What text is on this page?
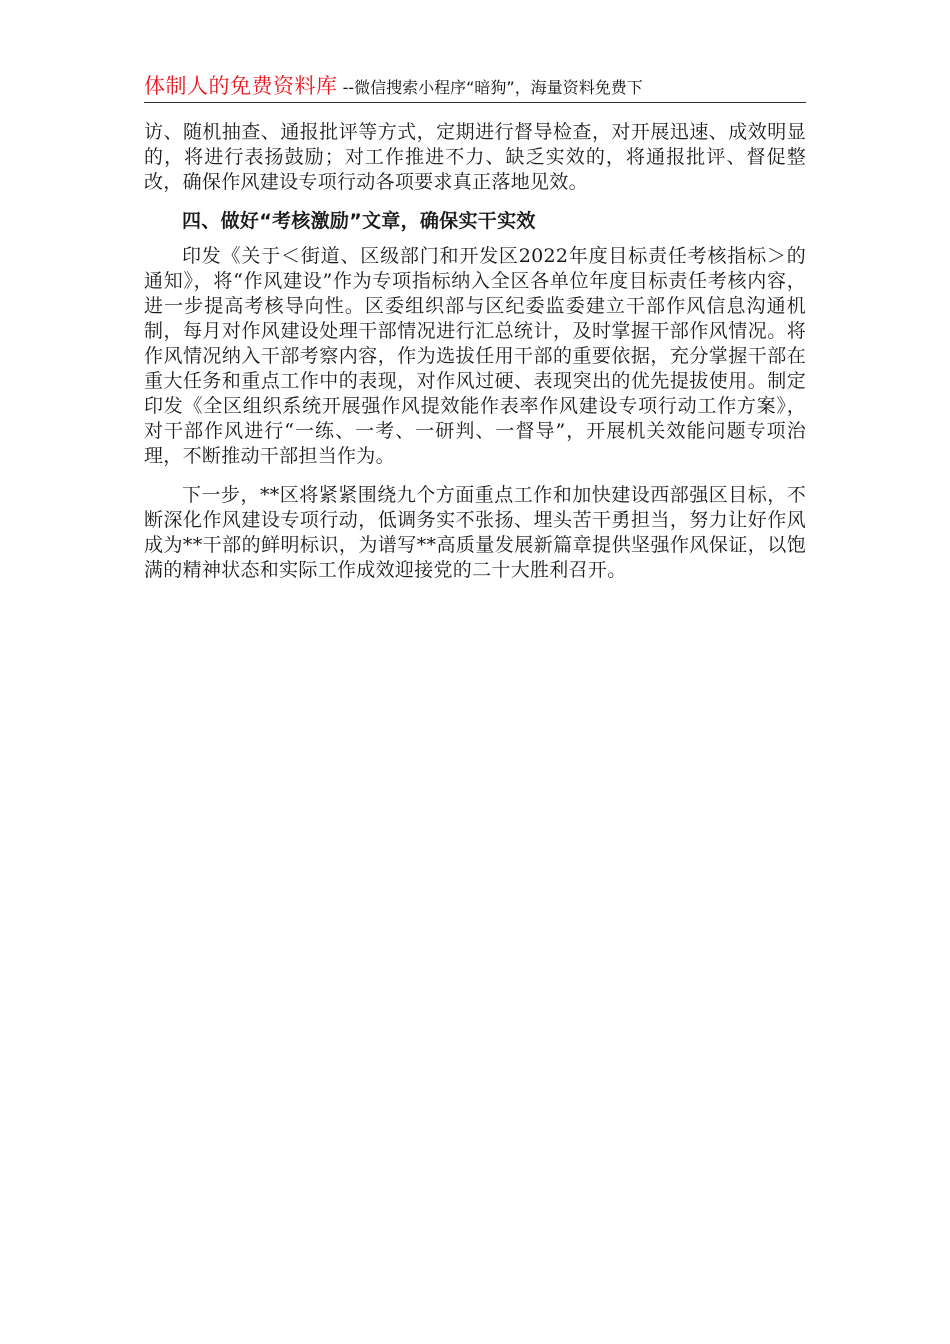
体制人的免费资料库 --微信搜索小程序“暗狗”，海量资料免费下

访、随机抽查、通报批评等方式，定期进行督导检查，对开展迅速、成效明显的，将进行表扬鼓励；对工作推进不力、缺乏实效的，将通报批评、督促整改，确保作风建设专项行动各项要求真正落地见效。

四、做好“考核激励”文章，确保实干实效

印发《关于＜街道、区级部门和开发区2022年度目标责任考核指标＞的通知》，将“作风建设”作为专项指标纳入全区各单位年度目标责任考核内容，进一步提高考核导向性。区委组织部与区纪委监委建立干部作风信息沟通机制，每月对作风建设处理干部情况进行汇总统计，及时掌握干部作风情况。将作风情况纳入干部考察内容，作为选拔任用干部的重要依据，充分掌握干部在重大任务和重点工作中的表现，对作风过硬、表现突出的优先提拔使用。制定印发《全区组织系统开展强作风提效能作表率作风建设专项行动工作方案》，对干部作风进行“一练、一考、一研判、一督导”，开展机关效能问题专项治理，不断推动干部担当作为。

下一步，**区将紧紧围绕九个方面重点工作和加快建设西部强区目标，不断深化作风建设专项行动，低调务实不张扬、埋头苦干勇担当，努力让好作风成为**干部的鲜明标识，为谱写**高质量发展新篇章提供坚强作风保证，以饱满的精神状态和实际工作成效迎接党的二十大胜利召开。
